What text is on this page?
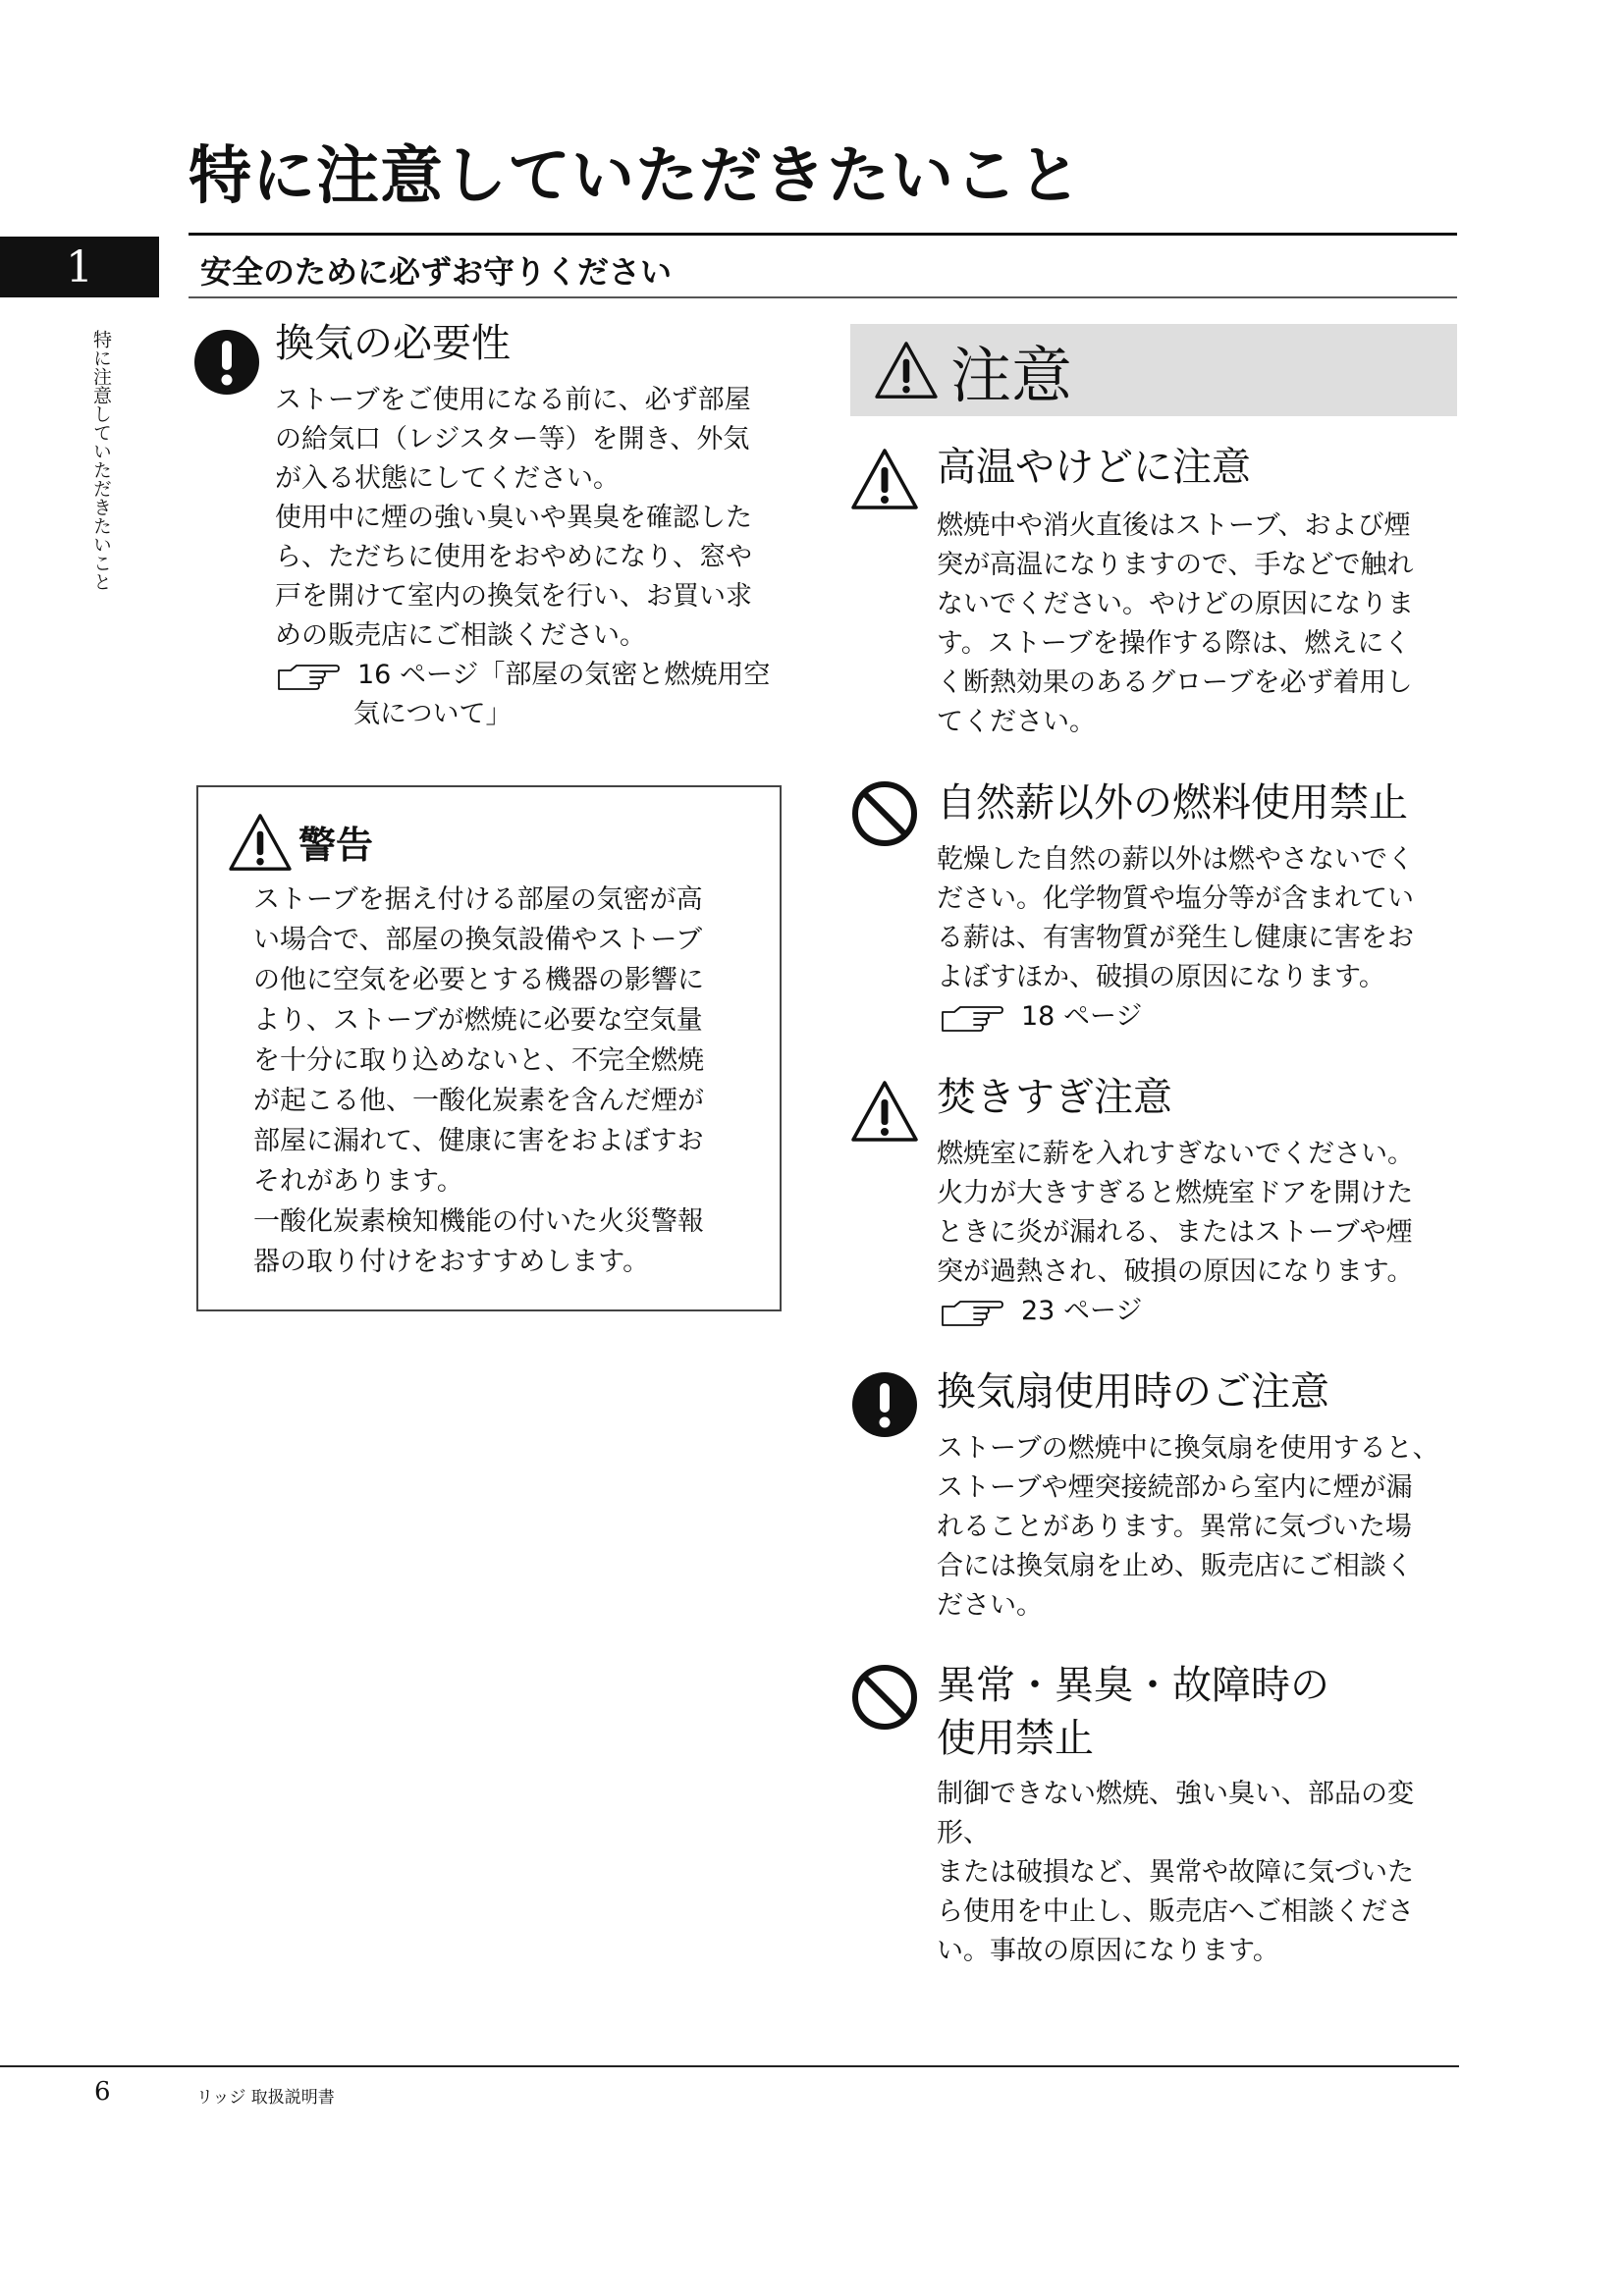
特に注意していただきたいこと
1	安全のために必ずお守りください
特に注意していただきたいこと	換気の必要性
ストーブをご使用になる前に、必ず部屋
の給気口（レジスター等）を開き、外気
が入る状態にしてください。
使用中に煙の強い臭いや異臭を確認した
ら、ただちに使用をおやめになり、窓や
戸を開けて室内の換気を行い、お買い求
めの販売店にご相談ください。
16 ページ「部屋の気密と燃焼用空
気について」
警告
ストーブを据え付ける部屋の気密が高
い場合で、部屋の換気設備やストーブ
の他に空気を必要とする機器の影響に
より、ストーブが燃焼に必要な空気量
を十分に取り込めないと、不完全燃焼
が起こる他、一酸化炭素を含んだ煙が
部屋に漏れて、健康に害をおよぼすお
それがあります。
一酸化炭素検知機能の付いた火災警報
器の取り付けをおすすめします。
注意
高温やけどに注意
燃焼中や消火直後はストーブ、および煙
突が高温になりますので、手などで触れ
ないでください。やけどの原因になりま
す。ストーブを操作する際は、燃えにく
く断熱効果のあるグローブを必ず着用し
てください。
自然薪以外の燃料使用禁止
乾燥した自然の薪以外は燃やさないでく
ださい。化学物質や塩分等が含まれてい
る薪は、有害物質が発生し健康に害をお
よぼすほか、破損の原因になります。
18 ページ
焚きすぎ注意
燃焼室に薪を入れすぎないでください。
火力が大きすぎると燃焼室ドアを開けた
ときに炎が漏れる、またはストーブや煙
突が過熱され、破損の原因になります。
23 ページ
換気扇使用時のご注意
ストーブの燃焼中に換気扇を使用すると、
ストーブや煙突接続部から室内に煙が漏
れることがあります。異常に気づいた場
合には換気扇を止め、販売店にご相談く
ださい。
異常・異臭・故障時の
使用禁止
制御できない燃焼、強い臭い、部品の変形、
または破損など、異常や故障に気づいた
ら使用を中止し、販売店へご相談くださ
い。事故の原因になります。
6	リッジ 取扱説明書
